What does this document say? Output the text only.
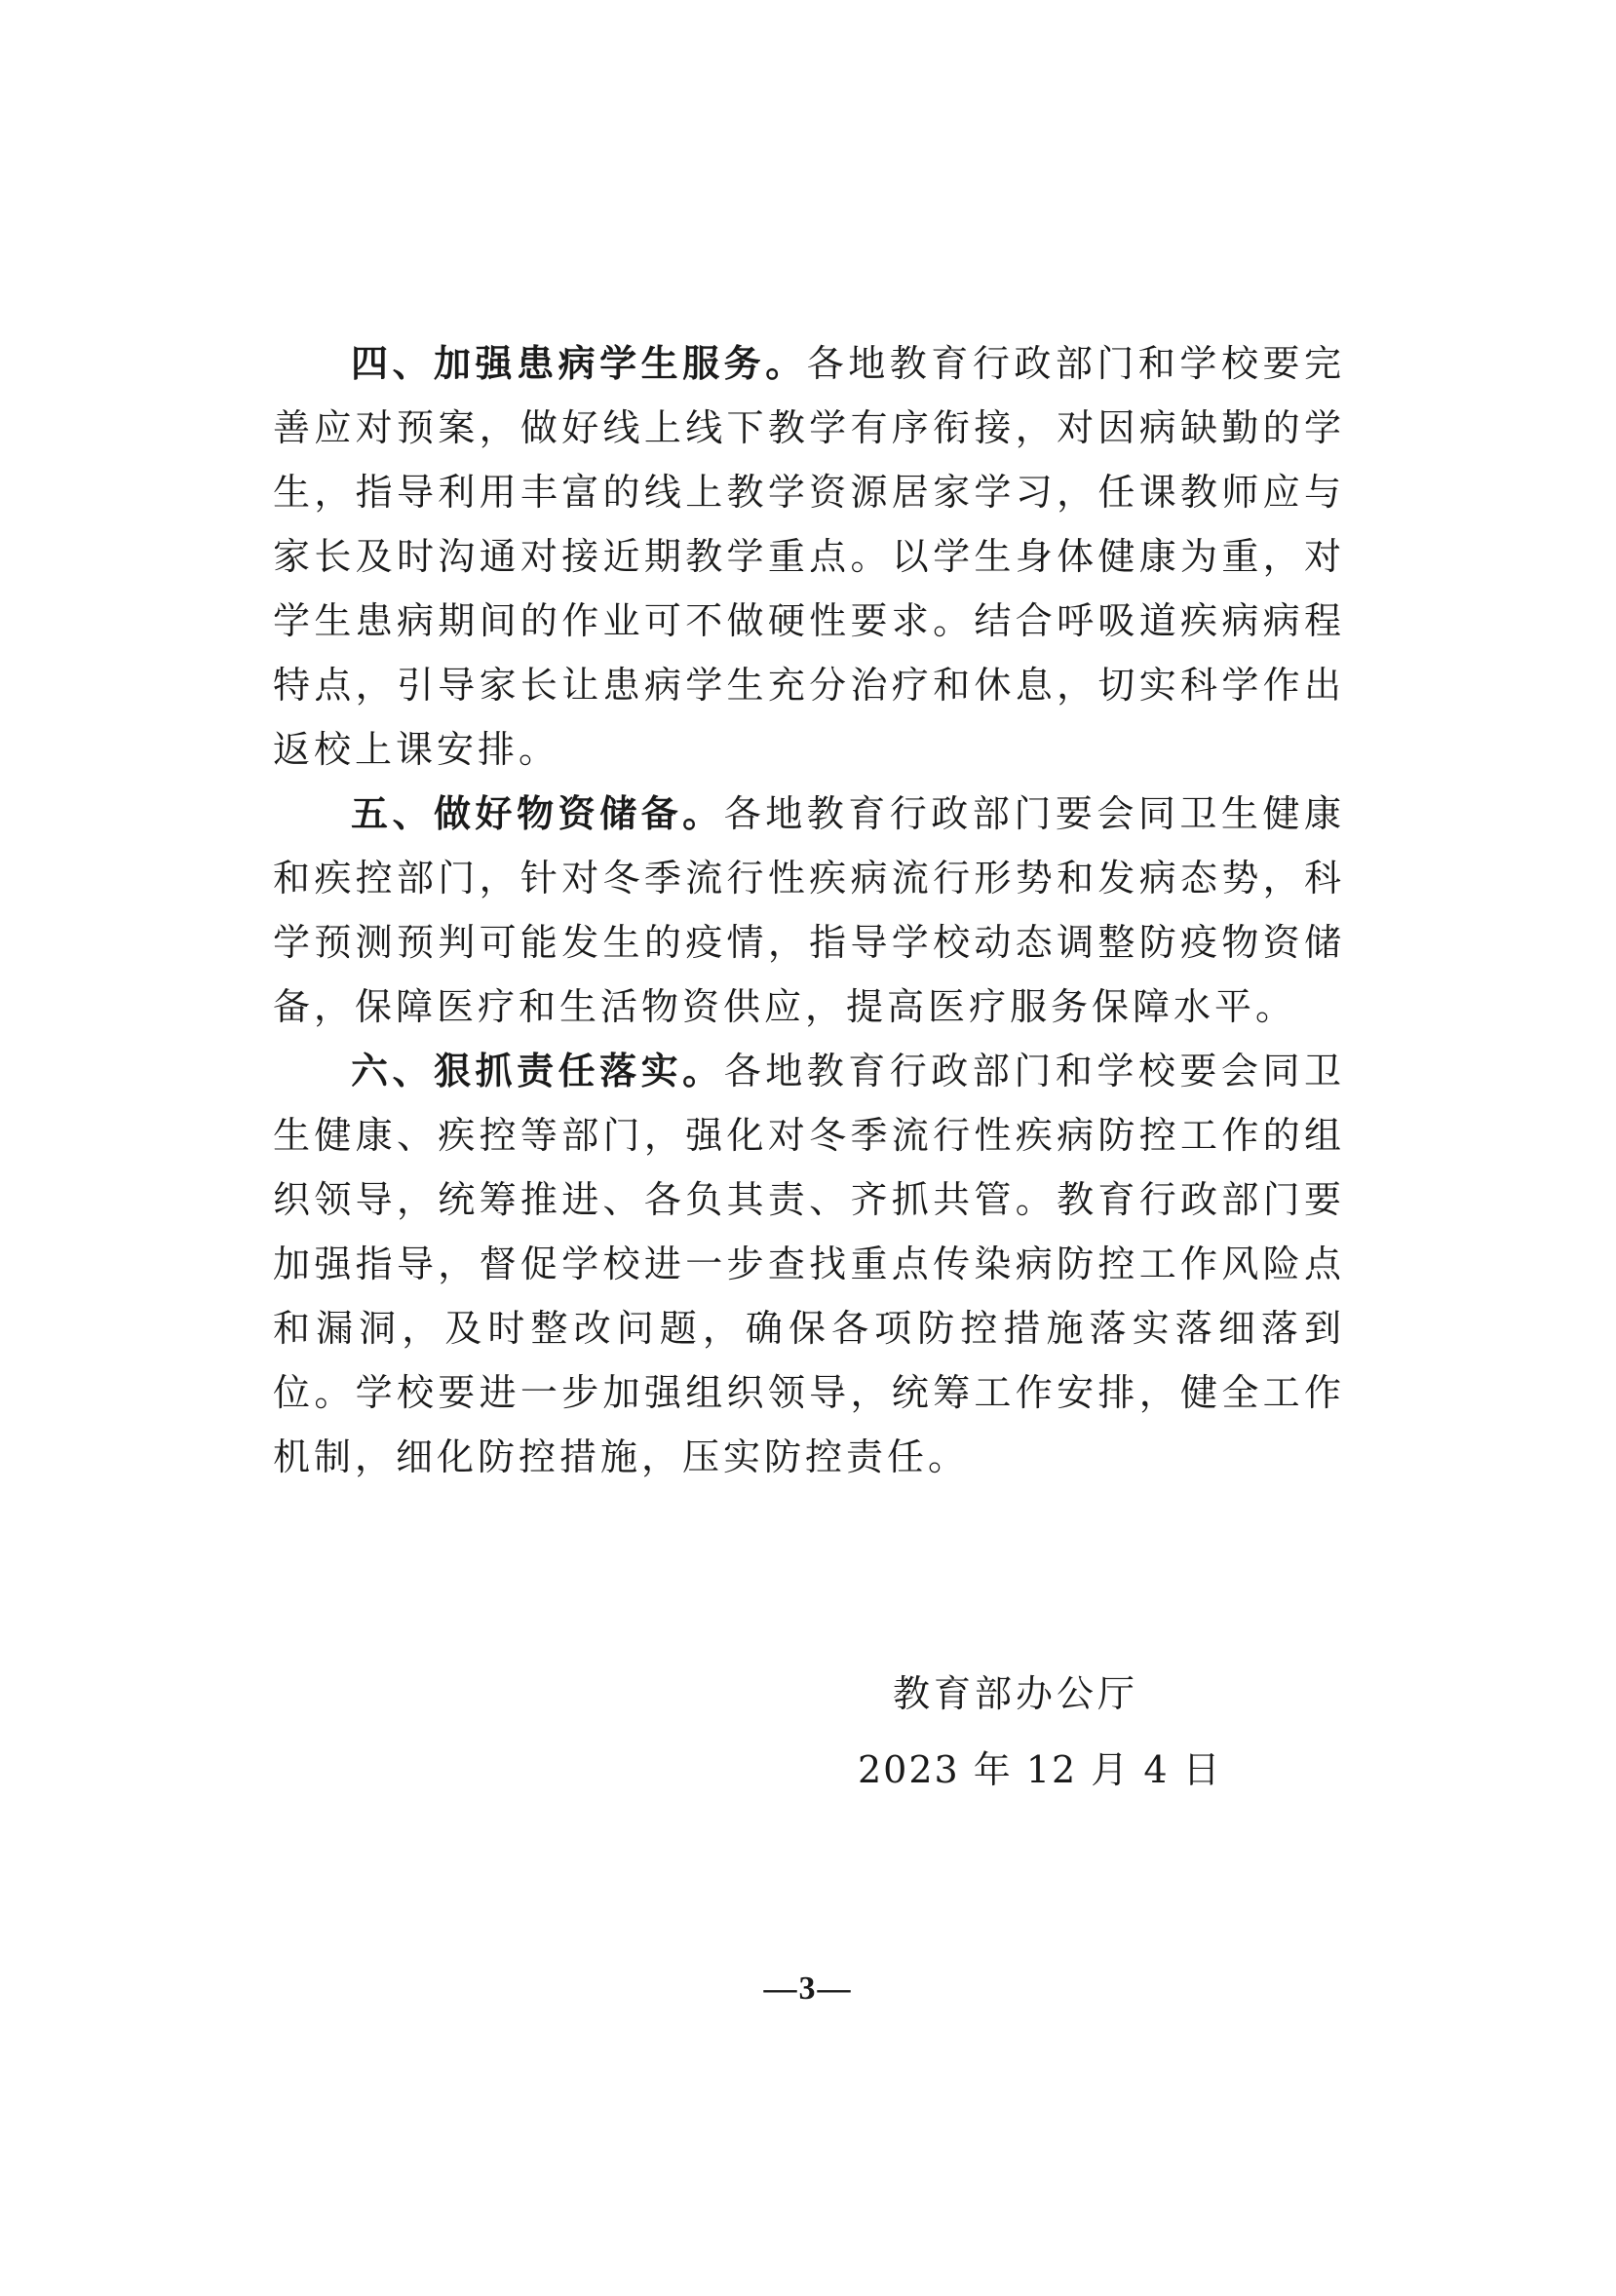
四、加强患病学生服务。各地教育行政部门和学校要完善应对预案，做好线上线下教学有序衔接，对因病缺勤的学生，指导利用丰富的线上教学资源居家学习，任课教师应与家长及时沟通对接近期教学重点。以学生身体健康为重，对学生患病期间的作业可不做硬性要求。结合呼吸道疾病病程特点，引导家长让患病学生充分治疗和休息，切实科学作出返校上课安排。

五、做好物资储备。各地教育行政部门要会同卫生健康和疾控部门，针对冬季流行性疾病流行形势和发病态势，科学预测预判可能发生的疫情，指导学校动态调整防疫物资储备，保障医疗和生活物资供应，提高医疗服务保障水平。

六、狠抓责任落实。各地教育行政部门和学校要会同卫生健康、疾控等部门，强化对冬季流行性疾病防控工作的组织领导，统筹推进、各负其责、齐抓共管。教育行政部门要加强指导，督促学校进一步查找重点传染病防控工作风险点和漏洞，及时整改问题，确保各项防控措施落实落细落到位。学校要进一步加强组织领导，统筹工作安排，健全工作机制，细化防控措施，压实防控责任。

教育部办公厅
2023 年 12 月 4 日
—3—
